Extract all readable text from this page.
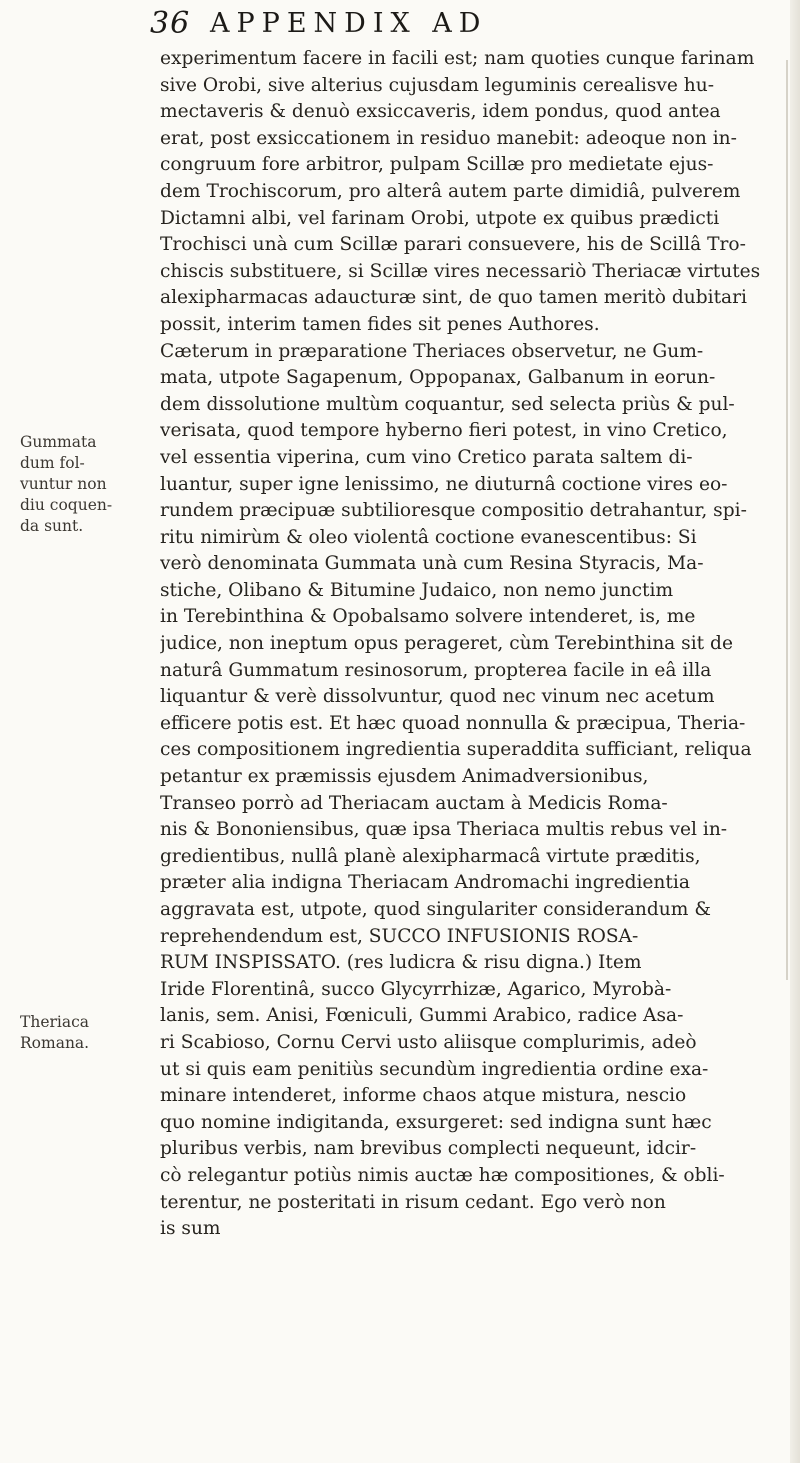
36 APPENDIX AD
Gummata
dum fol-
vuntur non
diu coquen-
da sunt.
Theriaca
Romana.
experimentum facere in facili est; nam quoties cunque farinam
sive Orobi, sive alterius cujusdam leguminis cerealisve hu-
mectaveris & denuò exsiccaveris, idem pondus, quod antea
erat, post exsiccationem in residuo manebit: adeoque non in-
congruum fore arbitror, pulpam Scillæ pro medietate ejus-
dem Trochiscorum, pro alterâ autem parte dimidiâ, pulverem
Dictamni albi, vel farinam Orobi, utpote ex quibus prædicti
Trochisci unà cum Scillæ parari consuevere, his de Scillâ Tro-
chiscis substituere, si Scillæ vires necessariò Theriacæ virtutes
alexipharmacas adaucturæ sint, de quo tamen meritò dubitari
possit, interim tamen fides sit penes Authores.
Cæterum in præparatione Theriaces observetur, ne Gum-
mata, utpote Sagapenum, Oppopanax, Galbanum in eorun-
dem dissolutione multùm coquantur, sed selecta priùs & pul-
verisata, quod tempore hyberno fieri potest, in vino Cretico,
vel essentia viperina, cum vino Cretico parata saltem di-
luantur, super igne lenissimo, ne diuturnâ coctione vires eo-
rundem præcipuæ subtilioresque compositio detrahantur, spi-
ritu nimirùm & oleo violentâ coctione evanescentibus: Si
verò denominata Gummata unà cum Resina Styracis, Ma-
stiche, Olibano & Bitumine Judaico, non nemo junctim
in Terebinthina & Opobalsamo solvere intenderet, is, me
judice, non ineptum opus perageret, cùm Terebinthina sit de
naturâ Gummatum resinosorum, propterea facile in eâ illa
liquantur & verè dissolvuntur, quod nec vinum nec acetum
efficere potis est. Et hæc quoad nonnulla & præcipua, Theria-
ces compositionem ingredientia superaddita sufficiant, reliqua
petantur ex præmissis ejusdem Animadversionibus,
Transeo porrò ad Theriacam auctam à Medicis Roma-
nis & Bononiensibus, quæ ipsa Theriaca multis rebus vel in-
gredientibus, nullâ planè alexipharmacâ virtute præditis,
præter alia indigna Theriacam Andromachi ingredientia
aggravata est, utpote, quod singulariter considerandum &
reprehendendum est, SUCCO INFUSIONIS ROSA-
RUM INSPISSATO. (res ludicra & risu digna.) Item
Iride Florentinâ, succo Glycyrrhizæ, Agarico, Myrobà-
lanis, sem. Anisi, Fœniculi, Gummi Arabico, radice Asa-
ri Scabioso, Cornu Cervi usto aliisque complurimis, adeò
ut si quis eam penitiùs secundùm ingredientia ordine exa-
minare intenderet, informe chaos atque mistura, nescio
quo nomine indigitanda, exsurgeret: sed indigna sunt hæc
pluribus verbis, nam brevibus complecti nequeunt, idcir-
cò relegantur potiùs nimis auctæ hæ compositiones, & obli-
terentur, ne posteritati in risum cedant. Ego verò non
is sum
